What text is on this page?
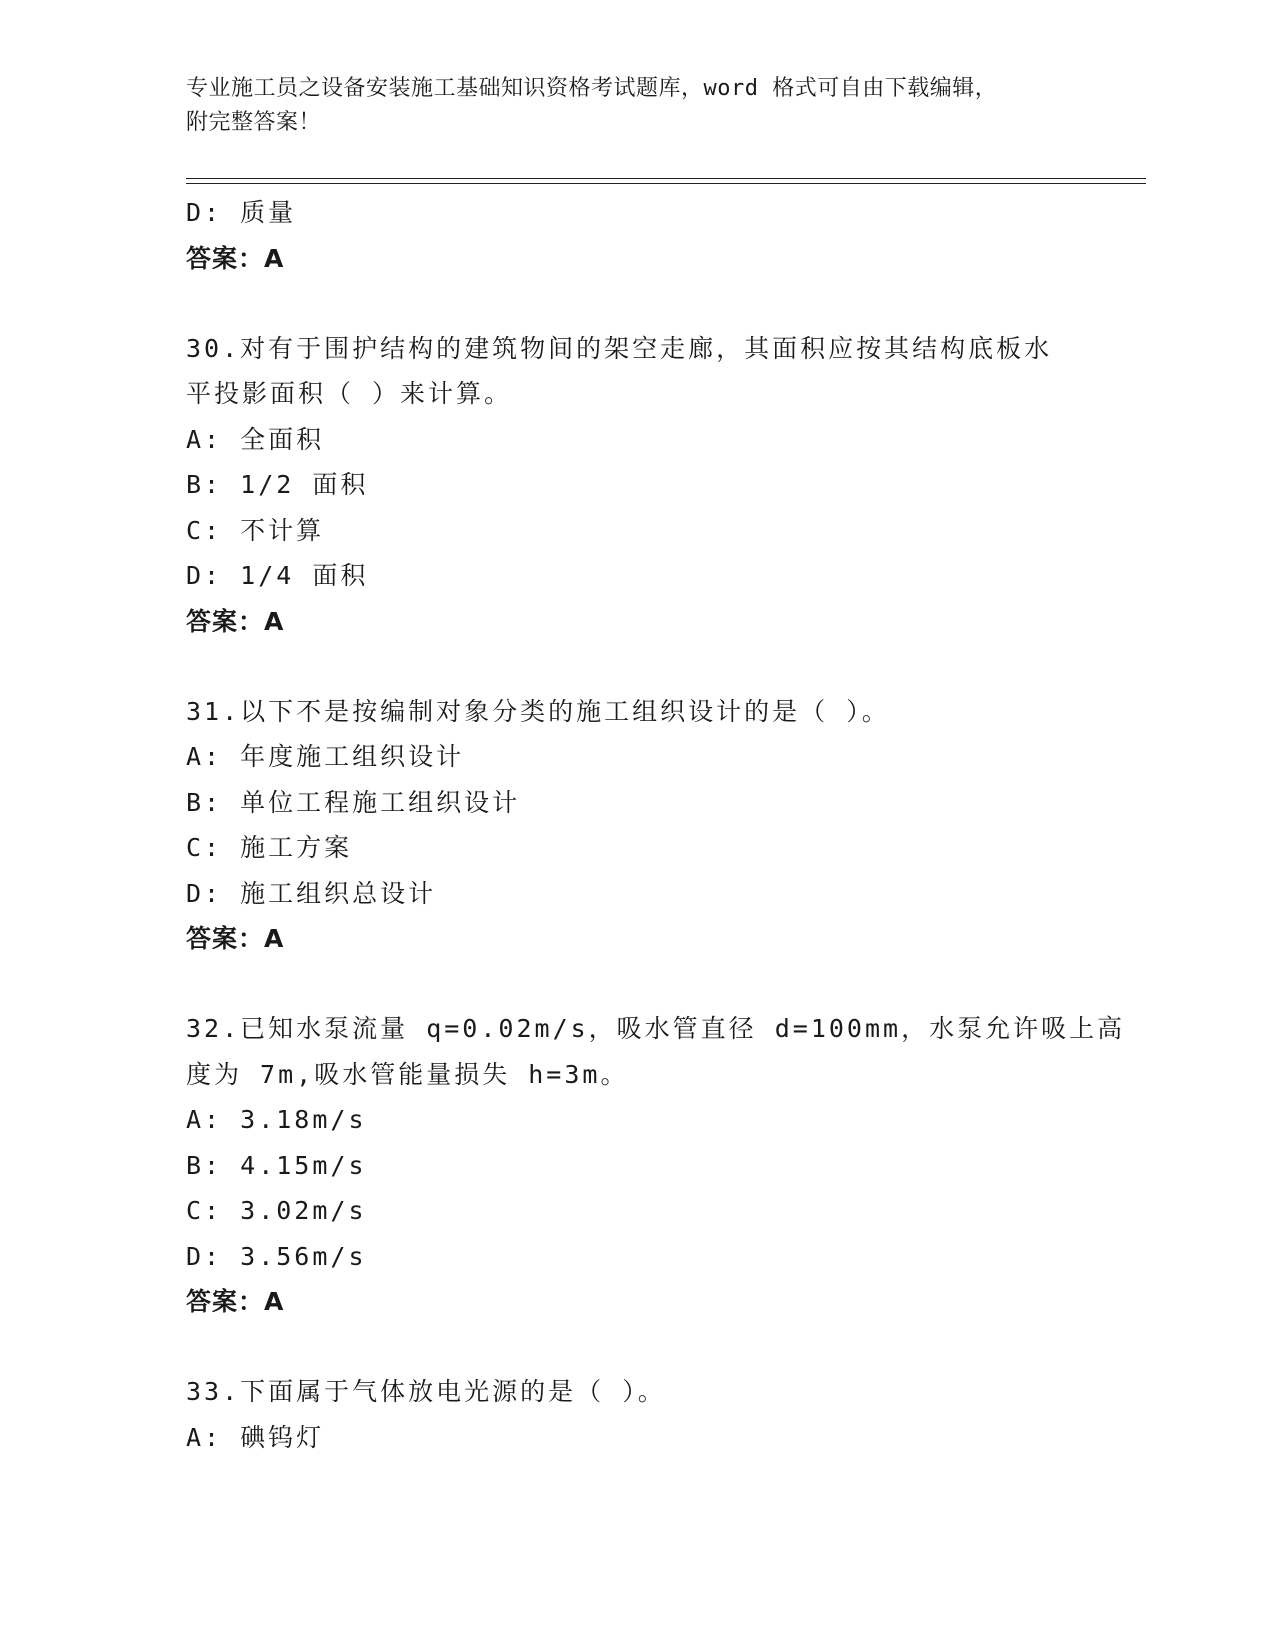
专业施工员之设备安装施工基础知识资格考试题库，word 格式可自由下载编辑，
附完整答案！
D: 质量
答案：A
30.对有于围护结构的建筑物间的架空走廊，其面积应按其结构底板水
平投影面积（ ）来计算。
A: 全面积
B: 1/2 面积
C: 不计算
D: 1/4 面积
答案：A
31.以下不是按编制对象分类的施工组织设计的是（ ）。
A: 年度施工组织设计
B: 单位工程施工组织设计
C: 施工方案
D: 施工组织总设计
答案：A
32.已知水泵流量 q=0.02m/s，吸水管直径 d=100mm，水泵允许吸上高
度为 7m,吸水管能量损失 h=3m。
A: 3.18m/s
B: 4.15m/s
C: 3.02m/s
D: 3.56m/s
答案：A
33.下面属于气体放电光源的是（ ）。
A: 碘钨灯
